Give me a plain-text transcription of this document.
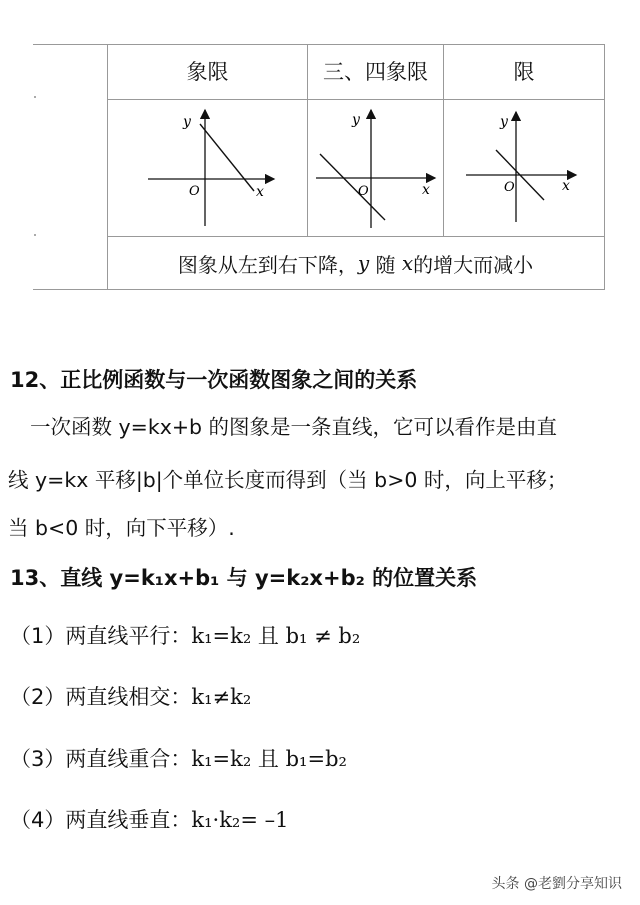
象限	三、四象限	限
y
x
O
y
x
O
y
x
O
图象从左到右下降， y 随 x 的增大而减小
12、正比例函数与一次函数图象之间的关系
一次函数 y=kx+b 的图象是一条直线，它可以看作是由直
线 y=kx 平移|b|个单位长度而得到（当 b>0 时，向上平移；
当 b<0 时，向下平移）.
13、直线 y=k₁x+b₁ 与 y=k₂x+b₂ 的位置关系
（1）两直线平行：k₁=k₂ 且 b₁ ≠ b₂
（2）两直线相交：k₁≠k₂
（3）两直线重合：k₁=k₂ 且 b₁=b₂
（4）两直线垂直：k₁·k₂= –1
头条 @老劉分享知识
